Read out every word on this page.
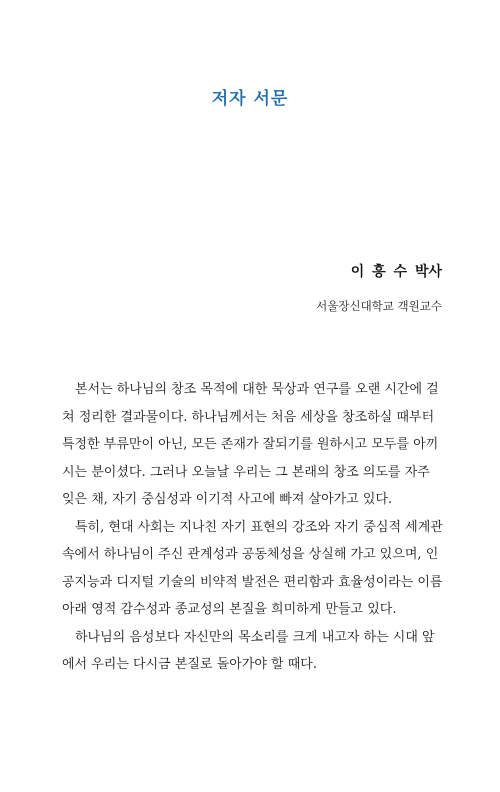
저자 서문
이 흥 수 박사
서울장신대학교 객원교수

본서는 하나님의 창조 목적에 대한 묵상과 연구를 오랜 시간에 걸
쳐 정리한 결과물이다. 하나님께서는 처음 세상을 창조하실 때부터
특정한 부류만이 아닌, 모든 존재가 잘되기를 원하시고 모두를 아끼
시는 분이셨다. 그러나 오늘날 우리는 그 본래의 창조 의도를 자주
잊은 채, 자기 중심성과 이기적 사고에 빠져 살아가고 있다.

특히, 현대 사회는 지나친 자기 표현의 강조와 자기 중심적 세계관
속에서 하나님이 주신 관계성과 공동체성을 상실해 가고 있으며, 인
공지능과 디지털 기술의 비약적 발전은 편리함과 효율성이라는 이름
아래 영적 감수성과 종교성의 본질을 희미하게 만들고 있다.

하나님의 음성보다 자신만의 목소리를 크게 내고자 하는 시대 앞
에서 우리는 다시금 본질로 돌아가야 할 때다.
